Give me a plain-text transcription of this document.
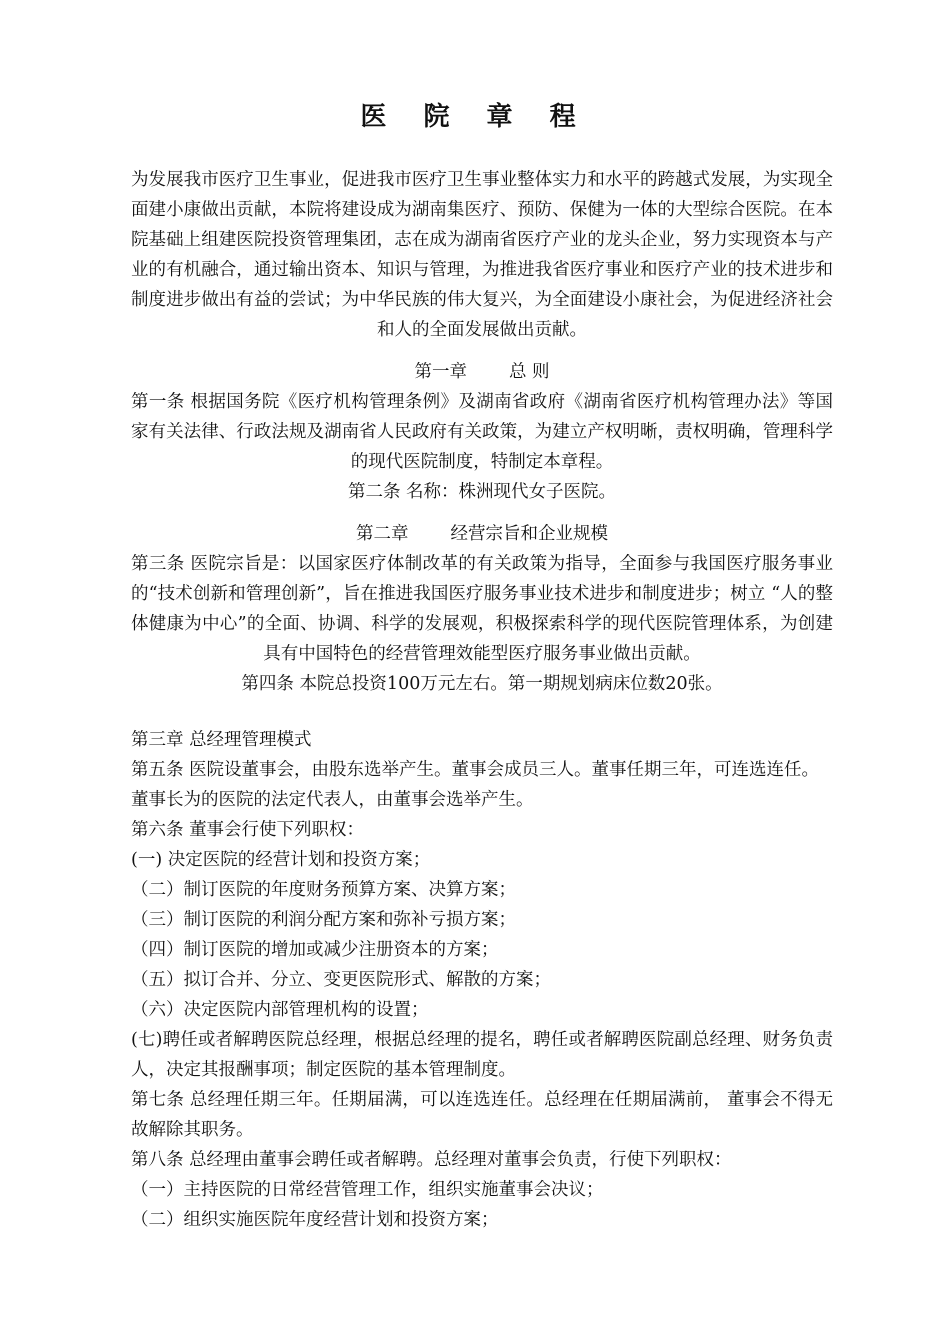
医 院 章 程

为发展我市医疗卫生事业，促进我市医疗卫生事业整体实力和水平的跨越式发展，为实现全面建小康做出贡献，本院将建设成为湖南集医疗、预防、保健为一体的大型综合医院。在本院基础上组建医院投资管理集团，志在成为湖南省医疗产业的龙头企业，努力实现资本与产业的有机融合，通过输出资本、知识与管理，为推进我省医疗事业和医疗产业的技术进步和制度进步做出有益的尝试；为中华民族的伟大复兴，为全面建设小康社会，为促进经济社会和人的全面发展做出贡献。

第一章 总 则

第一条 根据国务院《医疗机构管理条例》及湖南省政府《湖南省医疗机构管理办法》等国家有关法律、行政法规及湖南省人民政府有关政策，为建立产权明晰，责权明确，管理科学的现代医院制度，特制定本章程。

第二条 名称：株洲现代女子医院。

第二章 经营宗旨和企业规模

第三条 医院宗旨是：以国家医疗体制改革的有关政策为指导，全面参与我国医疗服务事业的“技术创新和管理创新”，旨在推进我国医疗服务事业技术进步和制度进步；树立 “人的整体健康为中心”的全面、协调、科学的发展观，积极探索科学的现代医院管理体系，为创建具有中国特色的经营管理效能型医疗服务事业做出贡献。

第四条 本院总投资100万元左右。第一期规划病床位数20张。

第三章 总经理管理模式

第五条 医院设董事会，由股东选举产生。董事会成员三人。董事任期三年，可连选连任。

董事长为的医院的法定代表人，由董事会选举产生。

第六条 董事会行使下列职权：

(一) 决定医院的经营计划和投资方案；

（二）制订医院的年度财务预算方案、决算方案；

（三）制订医院的利润分配方案和弥补亏损方案；

（四）制订医院的增加或减少注册资本的方案；

（五）拟订合并、分立、变更医院形式、解散的方案；

（六）决定医院内部管理机构的设置；

(七)聘任或者解聘医院总经理，根据总经理的提名，聘任或者解聘医院副总经理、财务负责人，决定其报酬事项；制定医院的基本管理制度。

第七条 总经理任期三年。任期届满，可以连选连任。总经理在任期届满前， 董事会不得无故解除其职务。

第八条 总经理由董事会聘任或者解聘。总经理对董事会负责，行使下列职权：

（一）主持医院的日常经营管理工作，组织实施董事会决议；

（二）组织实施医院年度经营计划和投资方案；
